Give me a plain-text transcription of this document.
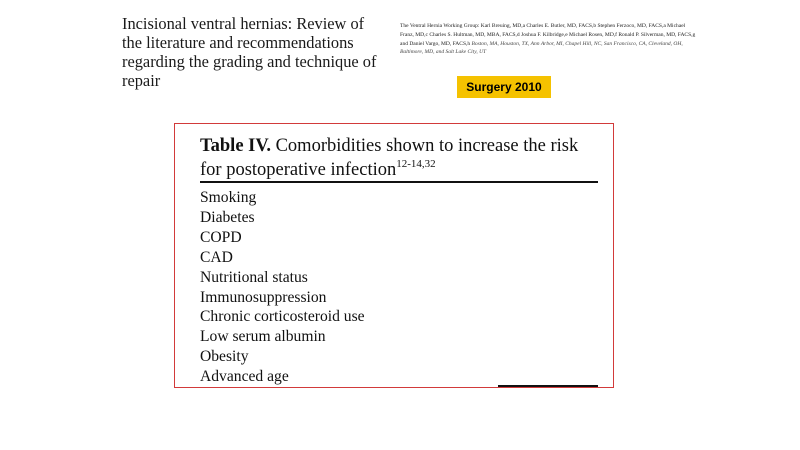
Incisional ventral hernias: Review of the literature and recommendations regarding the grading and technique of repair
The Ventral Hernia Working Group: Karl Breuing, MD,a Charles E. Butler, MD, FACS,b Stephen Ferzoco, MD, FACS,a Michael Franz, MD,c Charles S. Hultman, MD, MBA, FACS,d Joshua F. Kilbridge,e Michael Rosen, MD,f Ronald P. Silverman, MD, FACS,g and Daniel Vargo, MD, FACS,h Boston, MA, Houston, TX, Ann Arbor, MI, Chapel Hill, NC, San Francisco, CA, Cleveland, OH, Baltimore, MD, and Salt Lake City, UT
Surgery 2010
Table IV. Comorbidities shown to increase the risk for postoperative infection$^{12-14,32}$
Smoking
Diabetes
COPD
CAD
Nutritional status
Immunosuppression
Chronic corticosteroid use
Low serum albumin
Obesity
Advanced age
